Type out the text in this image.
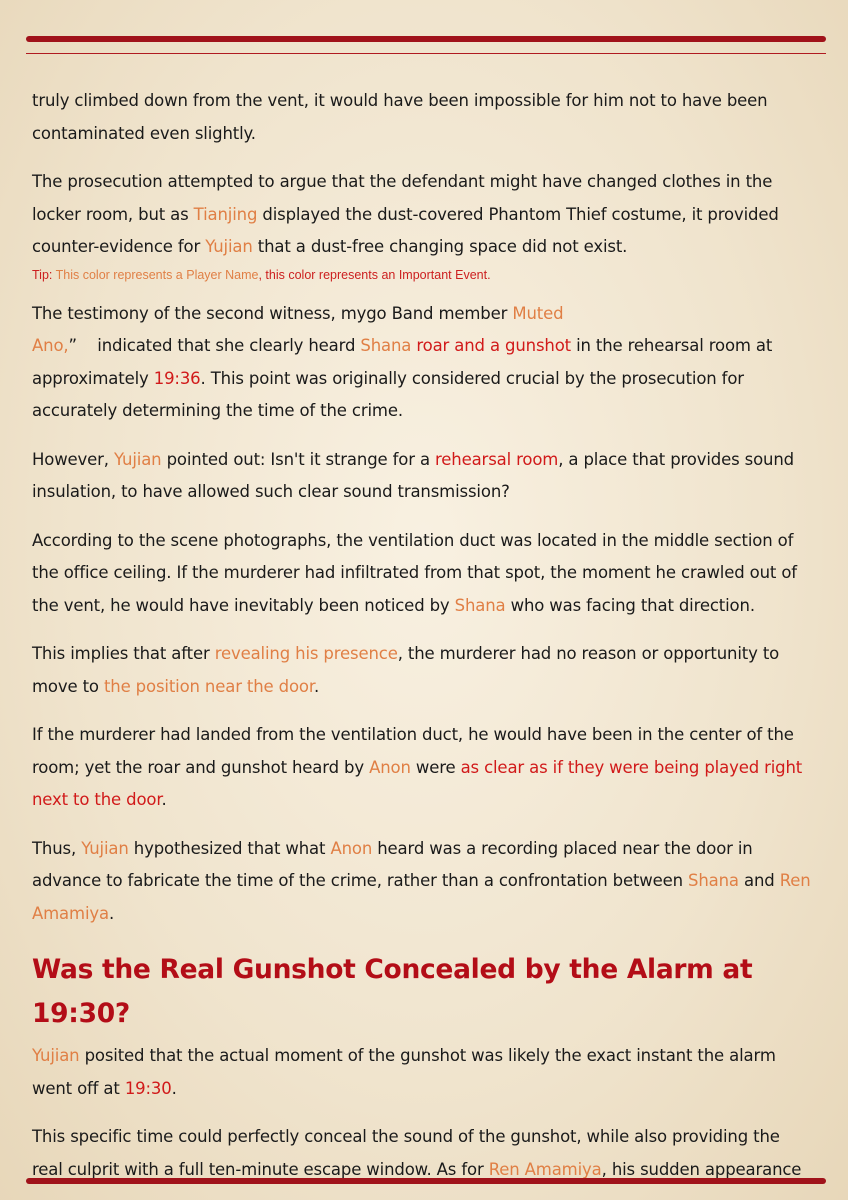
truly climbed down from the vent, it would have been impossible for him not to have been contaminated even slightly.

The prosecution attempted to argue that the defendant might have changed clothes in the locker room, but as Tianjing displayed the dust-covered Phantom Thief costume, it provided counter-evidence for Yujian that a dust-free changing space did not exist.

Tip: This color represents a Player Name, this color represents an Important Event.

The testimony of the second witness, mygo Band member Muted Ano,”    indicated that she clearly heard Shana roar and a gunshot in the rehearsal room at approximately 19:36. This point was originally considered crucial by the prosecution for accurately determining the time of the crime.

However, Yujian pointed out: Isn't it strange for a rehearsal room, a place that provides sound insulation, to have allowed such clear sound transmission?

According to the scene photographs, the ventilation duct was located in the middle section of the office ceiling. If the murderer had infiltrated from that spot, the moment he crawled out of the vent, he would have inevitably been noticed by Shana who was facing that direction.

This implies that after revealing his presence, the murderer had no reason or opportunity to move to the position near the door.

If the murderer had landed from the ventilation duct, he would have been in the center of the room; yet the roar and gunshot heard by Anon were as clear as if they were being played right next to the door.

Thus, Yujian hypothesized that what Anon heard was a recording placed near the door in advance to fabricate the time of the crime, rather than a confrontation between Shana and Ren Amamiya.

Was the Real Gunshot Concealed by the Alarm at 19:30?

Yujian posited that the actual moment of the gunshot was likely the exact instant the alarm went off at 19:30.

This specific time could perfectly conceal the sound of the gunshot, while also providing the real culprit with a full ten-minute escape window. As for Ren Amamiya, his sudden appearance
